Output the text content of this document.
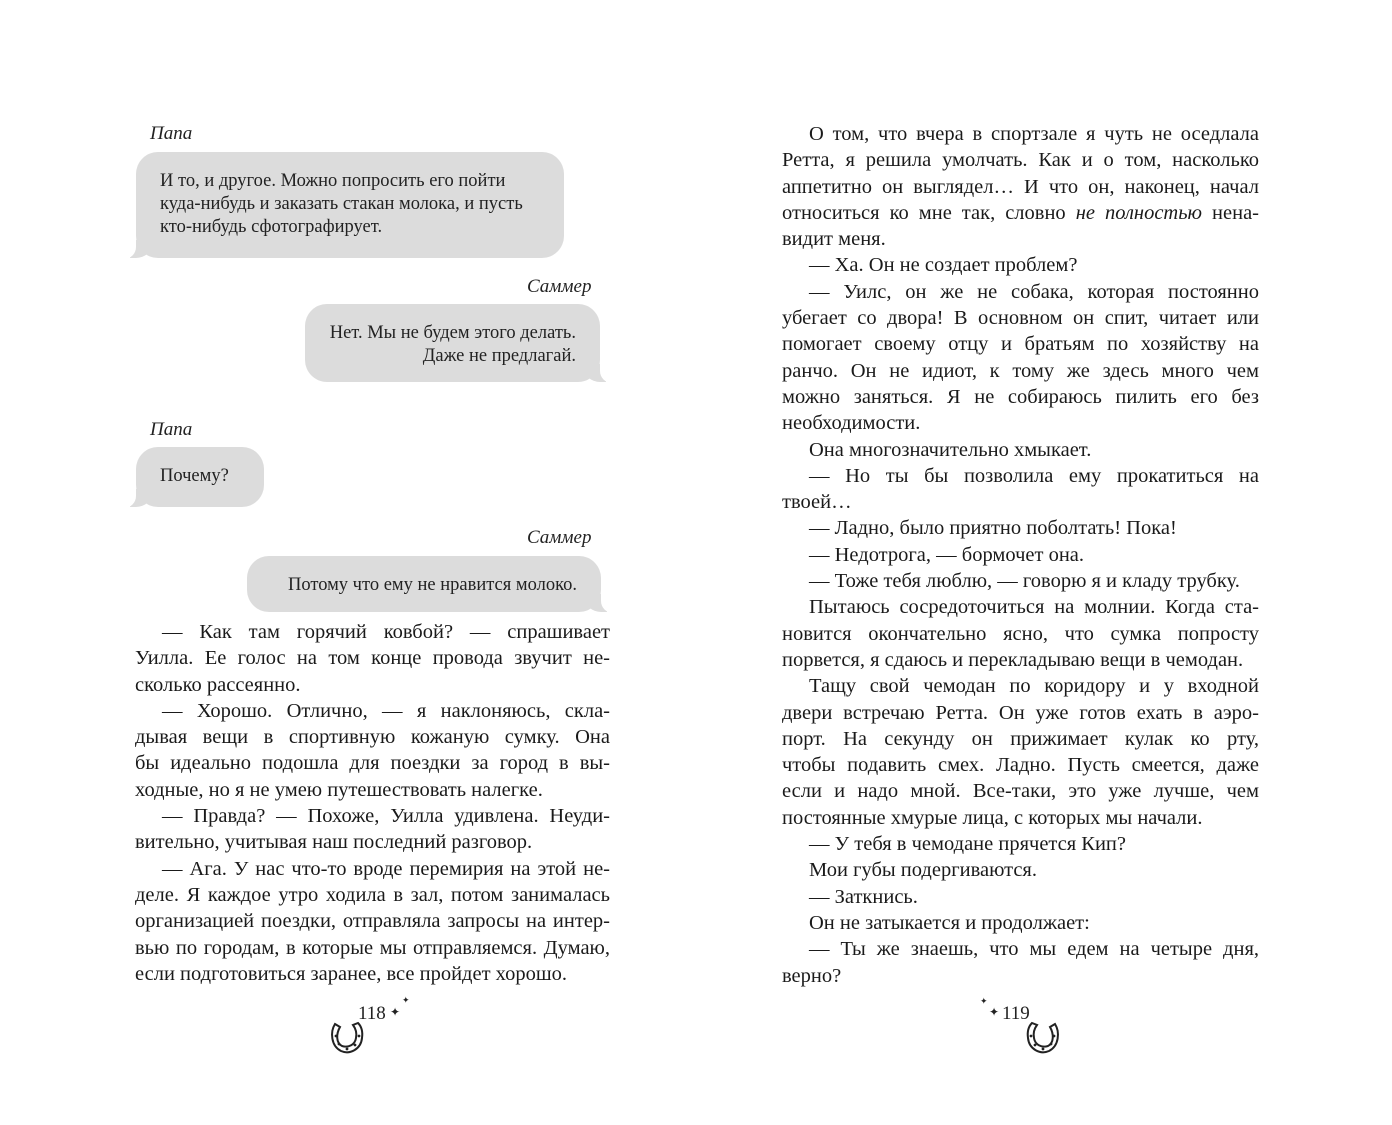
Папа
И то, и другое. Можно попросить его пойти
куда-нибудь и заказать стакан молока, и пусть
кто-нибудь сфотографирует.
Саммер
Нет. Мы не будем этого делать.
Даже не предлагай.
Папа
Почему?
Саммер
Потому что ему не нравится молоко.
— Как там горячий ковбой? — спрашивает
Уилла. Ее голос на том конце провода звучит не-
сколько рассеянно.
— Хорошо. Отлично, — я наклоняюсь, скла-
дывая вещи в спортивную кожаную сумку. Она
бы идеально подошла для поездки за город в вы-
ходные, но я не умею путешествовать налегке.
— Правда? — Похоже, Уилла удивлена. Неуди-
вительно, учитывая наш последний разговор.
— Ага. У нас что-то вроде перемирия на этой не-
деле. Я каждое утро ходила в зал, потом занималась
организацией поездки, отправляла запросы на интер-
вью по городам, в которые мы отправляемся. Думаю,
если подготовиться заранее, все пройдет хорошо.
118 ✦
✦
О том, что вчера в спортзале я чуть не оседлала
Ретта, я решила умолчать. Как и о том, насколько
аппетитно он выглядел… И что он, наконец, начал
относиться ко мне так, словно не полностью нена-
видит меня.
— Ха. Он не создает проблем?
— Уилс, он же не собака, которая постоянно
убегает со двора! В основном он спит, читает или
помогает своему отцу и братьям по хозяйству на
ранчо. Он не идиот, к тому же здесь много чем
можно заняться. Я не собираюсь пилить его без
необходимости.
Она многозначительно хмыкает.
— Но ты бы позволила ему прокатиться на
твоей…
— Ладно, было приятно поболтать! Пока!
— Недотрога, — бормочет она.
— Тоже тебя люблю, — говорю я и кладу трубку.
Пытаюсь сосредоточиться на молнии. Когда ста-
новится окончательно ясно, что сумка попросту
порвется, я сдаюсь и перекладываю вещи в чемодан.
Тащу свой чемодан по коридору и у входной
двери встречаю Ретта. Он уже готов ехать в аэро-
порт. На секунду он прижимает кулак ко рту,
чтобы подавить смех. Ладно. Пусть смеется, даже
если и надо мной. Все-таки, это уже лучше, чем
постоянные хмурые лица, с которых мы начали.
— У тебя в чемодане прячется Кип?
Мои губы подергиваются.
— Заткнись.
Он не затыкается и продолжает:
— Ты же знаешь, что мы едем на четыре дня,
верно?
✦
✦ 119
